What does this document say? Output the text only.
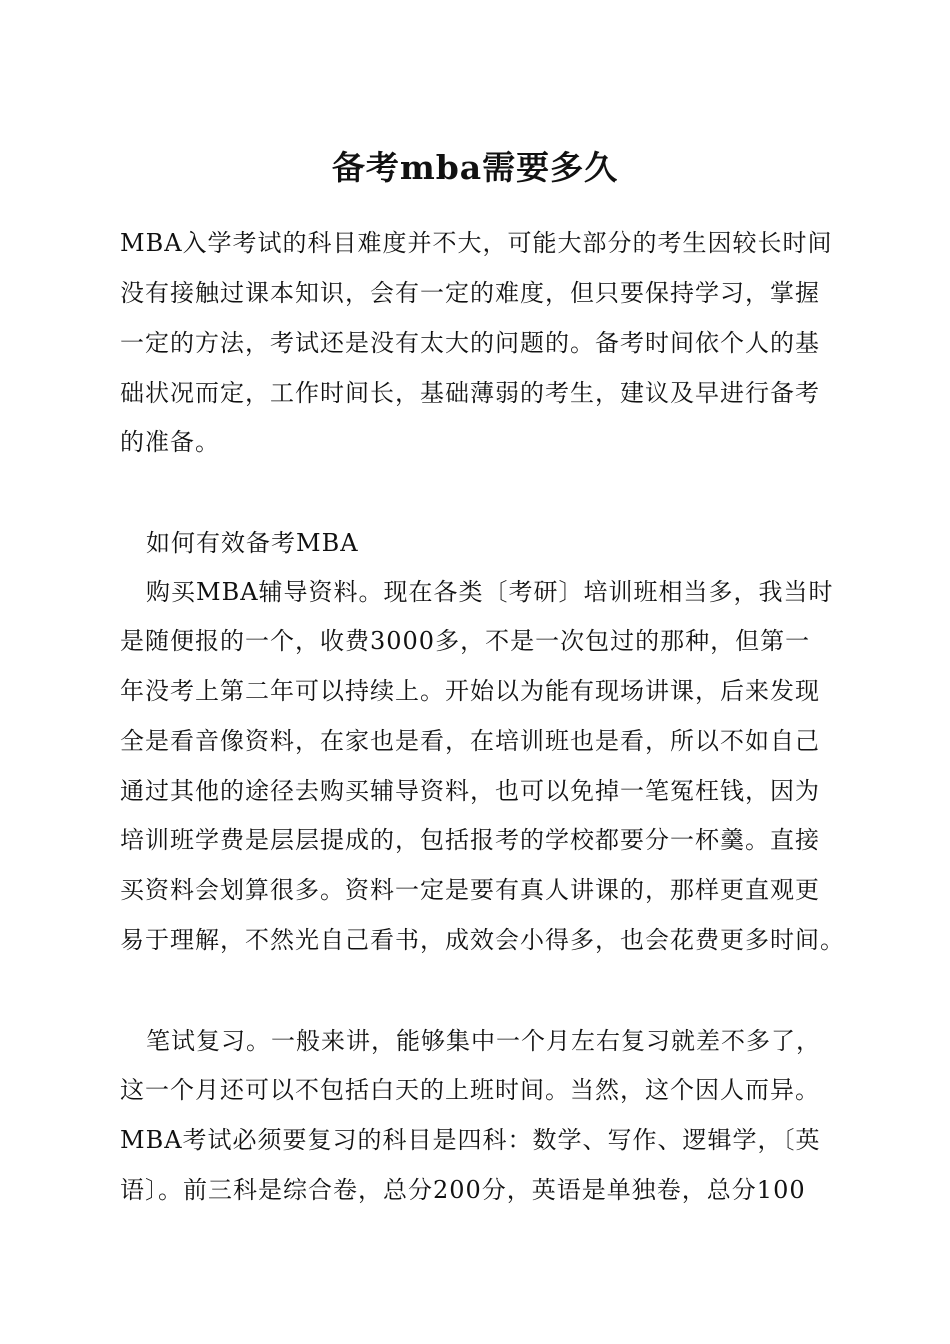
备考mba需要多久
MBA入学考试的科目难度并不大，可能大部分的考生因较长时间
没有接触过课本知识，会有一定的难度，但只要保持学习，掌握
一定的方法，考试还是没有太大的问题的。备考时间依个人的基
础状况而定，工作时间长，基础薄弱的考生，建议及早进行备考
的准备。
如何有效备考MBA
购买MBA辅导资料。现在各类〔考研〕培训班相当多，我当时
是随便报的一个，收费3000多，不是一次包过的那种，但第一
年没考上第二年可以持续上。开始以为能有现场讲课，后来发现
全是看音像资料，在家也是看，在培训班也是看，所以不如自己
通过其他的途径去购买辅导资料，也可以免掉一笔冤枉钱，因为
培训班学费是层层提成的，包括报考的学校都要分一杯羹。直接
买资料会划算很多。资料一定是要有真人讲课的，那样更直观更
易于理解，不然光自己看书，成效会小得多，也会花费更多时间。
笔试复习。一般来讲，能够集中一个月左右复习就差不多了，
这一个月还可以不包括白天的上班时间。当然，这个因人而异。
MBA考试必须要复习的科目是四科：数学、写作、逻辑学，〔英
语〕。前三科是综合卷，总分200分，英语是单独卷，总分100
